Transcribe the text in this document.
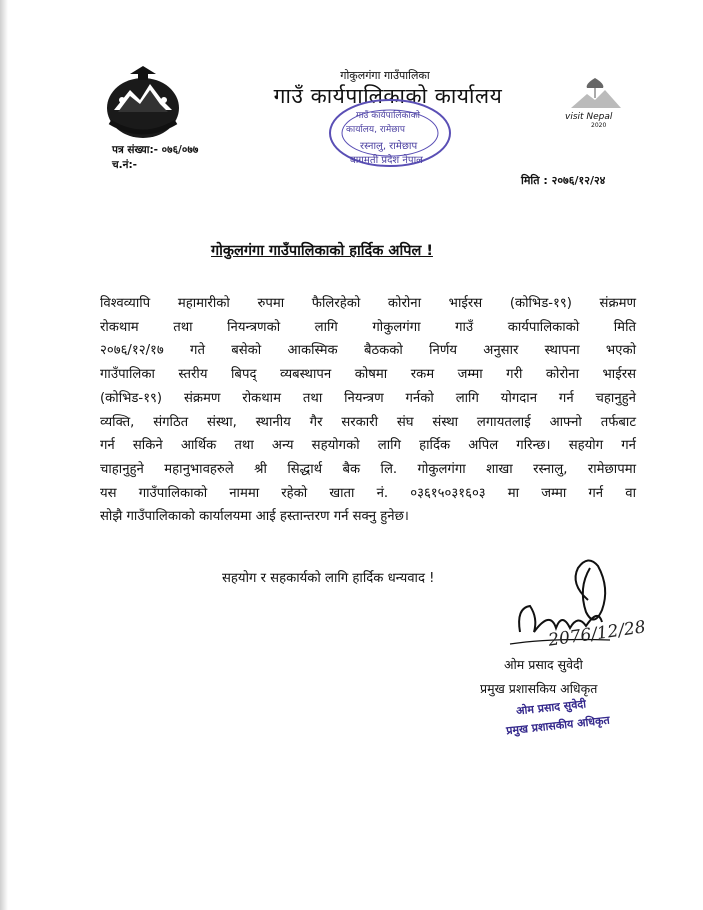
गोकुलगंगा गाउँपालिका
गाउँ कार्यपालिकाको कार्यालय
गाउँ कार्यपालिकाको
कार्यालय, रामेछाप
रस्नालु, रामेछाप
बागमती प्रदेश नेपाल
visit Nepal
2020
पत्र संख्या:- ०७६/०७७
च.नं:-
मिति : २०७६/१२/२४
गोकुलगंगा गाउँपालिकाको हार्दिक अपिल !
विश्वव्यापि महामारीको रुपमा फैलिरहेको कोरोना भाईरस (कोभिड-१९) संक्रमण
रोकथाम तथा नियन्त्रणको लागि गोकुलगंगा गाउँ कार्यपालिकाको मिति
२०७६/१२/१७ गते बसेको आकस्मिक बैठकको निर्णय अनुसार स्थापना भएको
गाउँपालिका स्तरीय बिपद् व्यबस्थापन कोषमा रकम जम्मा गरी कोरोना भाईरस
(कोभिड-१९) संक्रमण रोकथाम तथा नियन्त्रण गर्नको लागि योगदान गर्न चहानुहुने
व्यक्ति, संगठित संस्था, स्थानीय गैर सरकारी संघ संस्था लगायतलाई आफ्नो तर्फबाट
गर्न सकिने आर्थिक तथा अन्य सहयोगको लागि हार्दिक अपिल गरिन्छ। सहयोग गर्न
चाहानुहुने महानुभावहरुले श्री सिद्धार्थ बैक लि. गोकुलगंगा शाखा रस्नालु, रामेछापमा
यस गाउँपालिकाको नाममा रहेको खाता नं. ०३६१५०३१६०३ मा जम्मा गर्न वा
सोझै गाउँपालिकाको कार्यालयमा आई हस्तान्तरण गर्न सक्नु हुनेछ।
सहयोग र सहकार्यको लागि हार्दिक धन्यवाद !
2076/12/28
ओम प्रसाद सुवेदी
प्रमुख प्रशासकिय अधिकृत
ओम प्रसाद सुवेदी
प्रमुख प्रशासकीय अधिकृत
